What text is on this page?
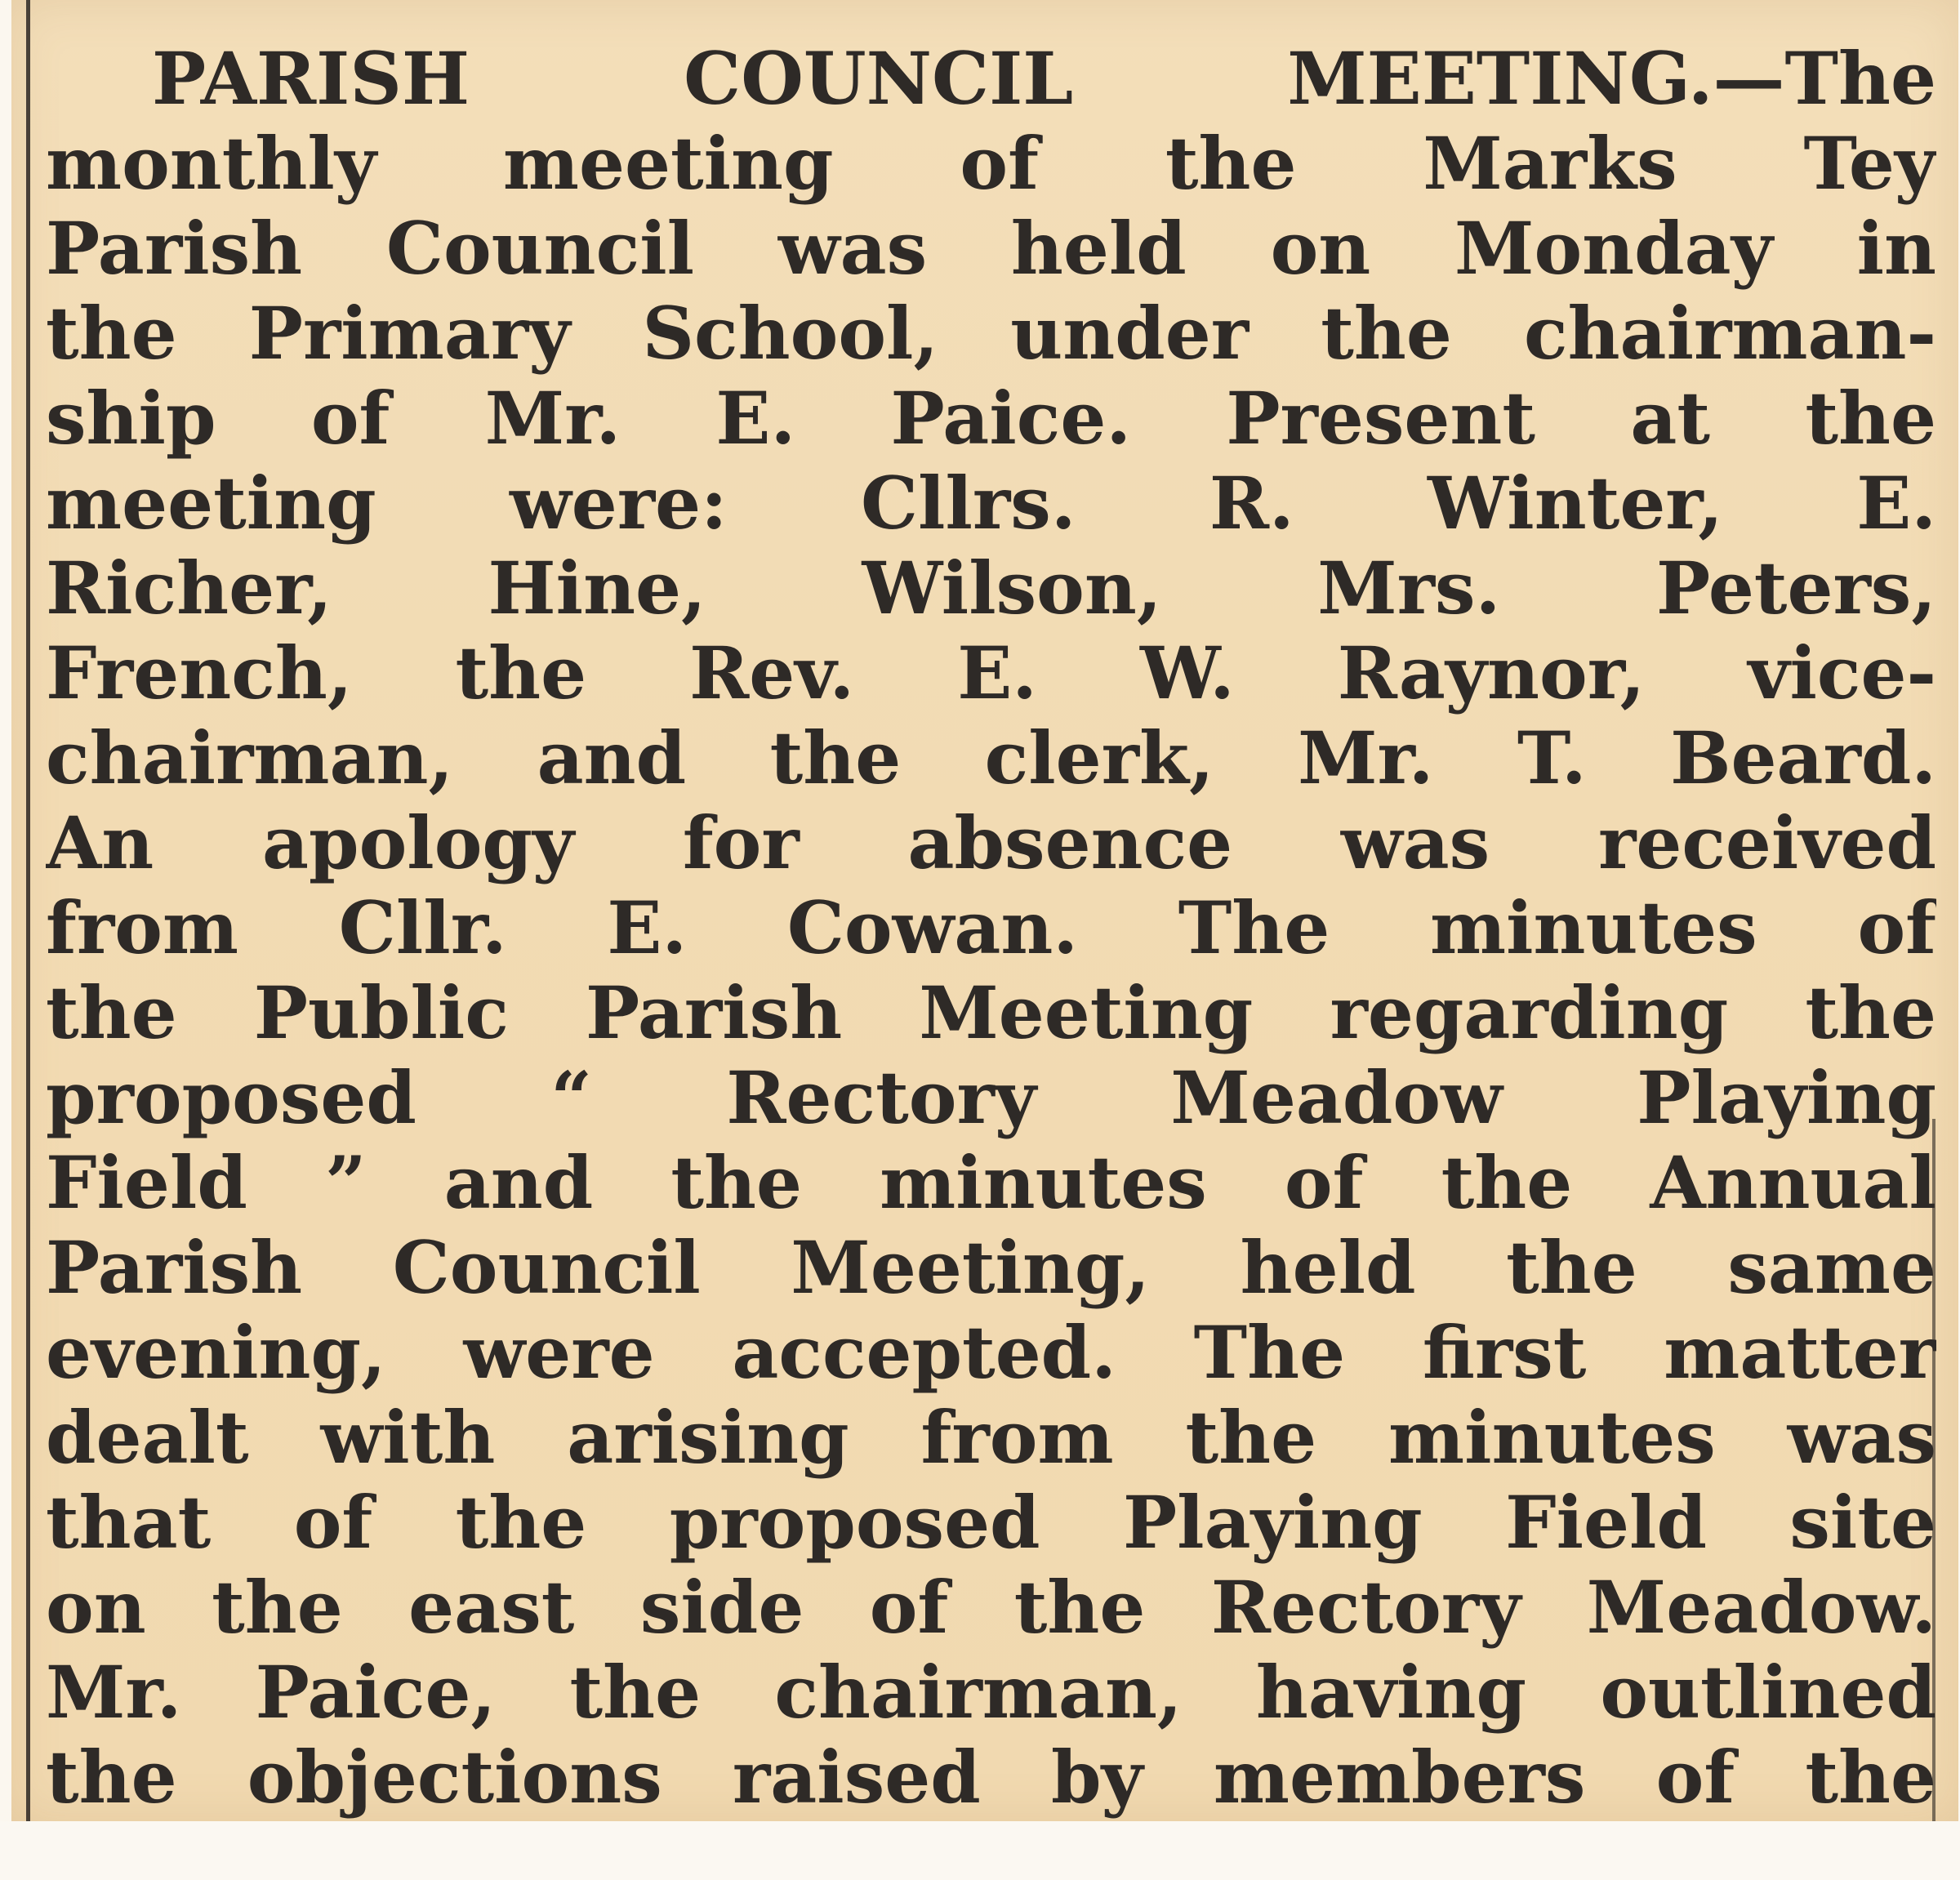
PARISH COUNCIL MEETING.—The
monthly meeting of the Marks Tey
Parish Council was held on Monday in
the Primary School, under the chairman-
ship of Mr. E. Paice. Present at the
meeting were: Cllrs. R. Winter, E.
Richer, Hine, Wilson, Mrs. Peters,
French, the Rev. E. W. Raynor, vice-
chairman, and the clerk, Mr. T. Beard.
An apology for absence was received
from Cllr. E. Cowan. The minutes of
the Public Parish Meeting regarding the
proposed “ Rectory Meadow Playing
Field ” and the minutes of the Annual
Parish Council Meeting, held the same
evening, were accepted. The first matter
dealt with arising from the minutes was
that of the proposed Playing Field site
on the east side of the Rectory Meadow.
Mr. Paice, the chairman, having outlined
the objections raised by members of the
